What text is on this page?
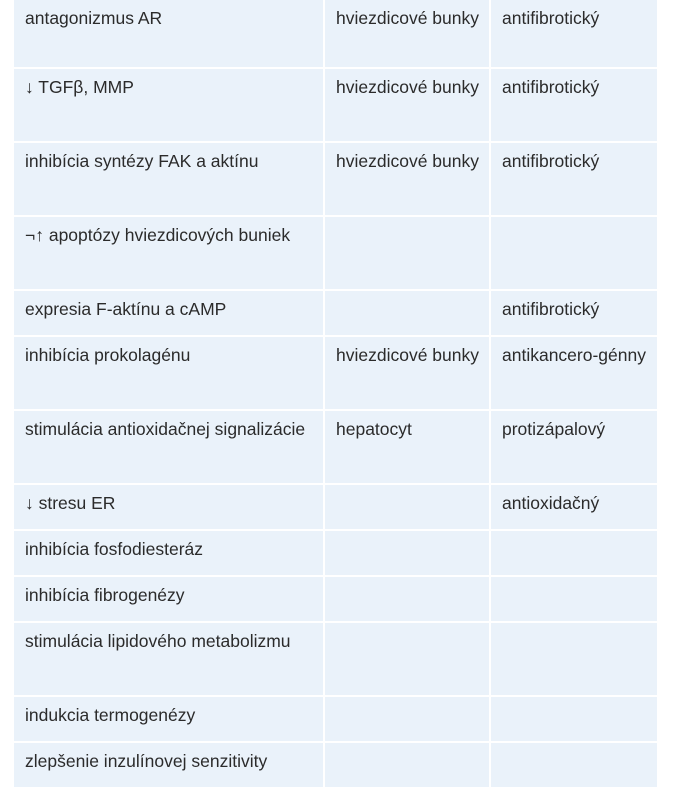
antagonizmus AR	hviezdicové bunky	antifibrotický
↓ TGFβ, MMP	hviezdicové bunky	antifibrotický
inhibícia syntézy FAK a aktínu	hviezdicové bunky	antifibrotický
¬↑ apoptózy hviezdicových buniek		
expresia F-aktínu a cAMP		antifibrotický
inhibícia prokolagénu	hviezdicové bunky	antikancero-génny
stimulácia antioxidačnej signalizácie	hepatocyt	protizápalový
↓ stresu ER		antioxidačný
inhibícia fosfodiesteráz		
inhibícia fibrogenézy		
stimulácia lipidového metabolizmu		
indukcia termogenézy		
zlepšenie inzulínovej senzitivity		
